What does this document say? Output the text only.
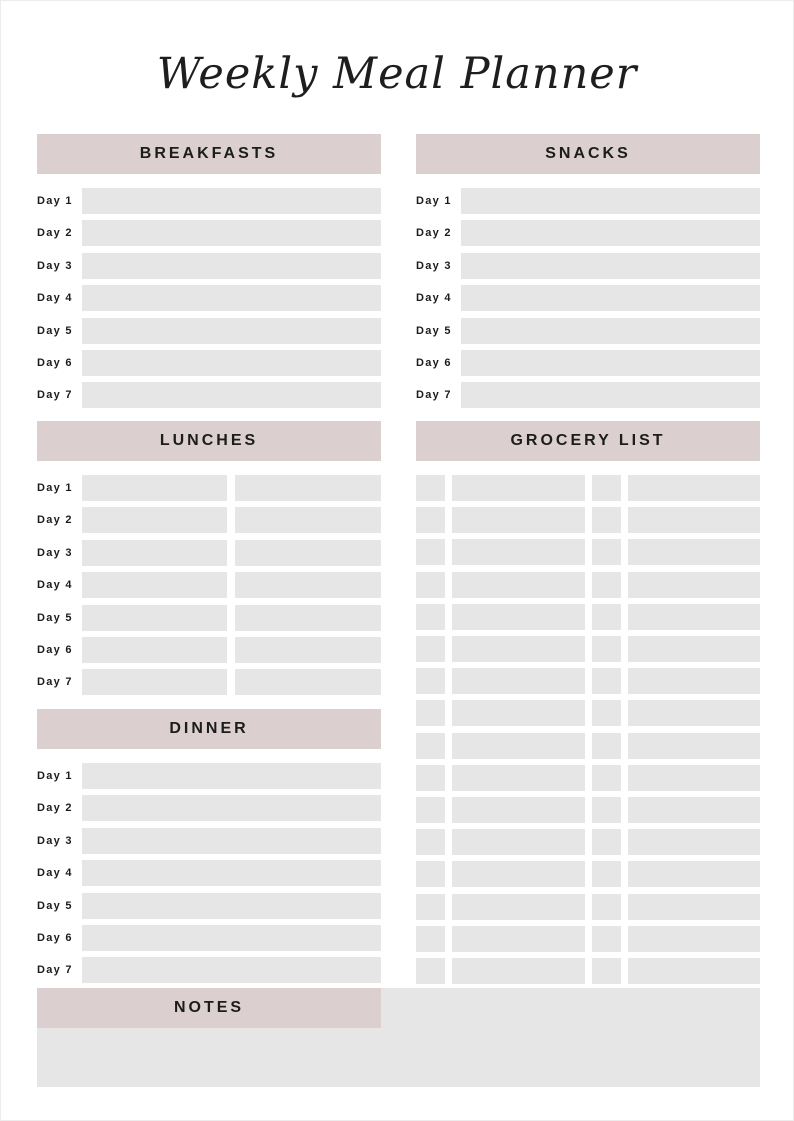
Weekly Meal Planner
BREAKFASTS	SNACKS
LUNCHES	GROCERY LIST
DINNER
NOTES
Day 1
Day 2
Day 3
Day 4
Day 5
Day 6
Day 7
Day 1
Day 2
Day 3
Day 4
Day 5
Day 6
Day 7
Day 1
Day 2
Day 3
Day 4
Day 5
Day 6
Day 7
Day 1
Day 2
Day 3
Day 4
Day 5
Day 6
Day 7
